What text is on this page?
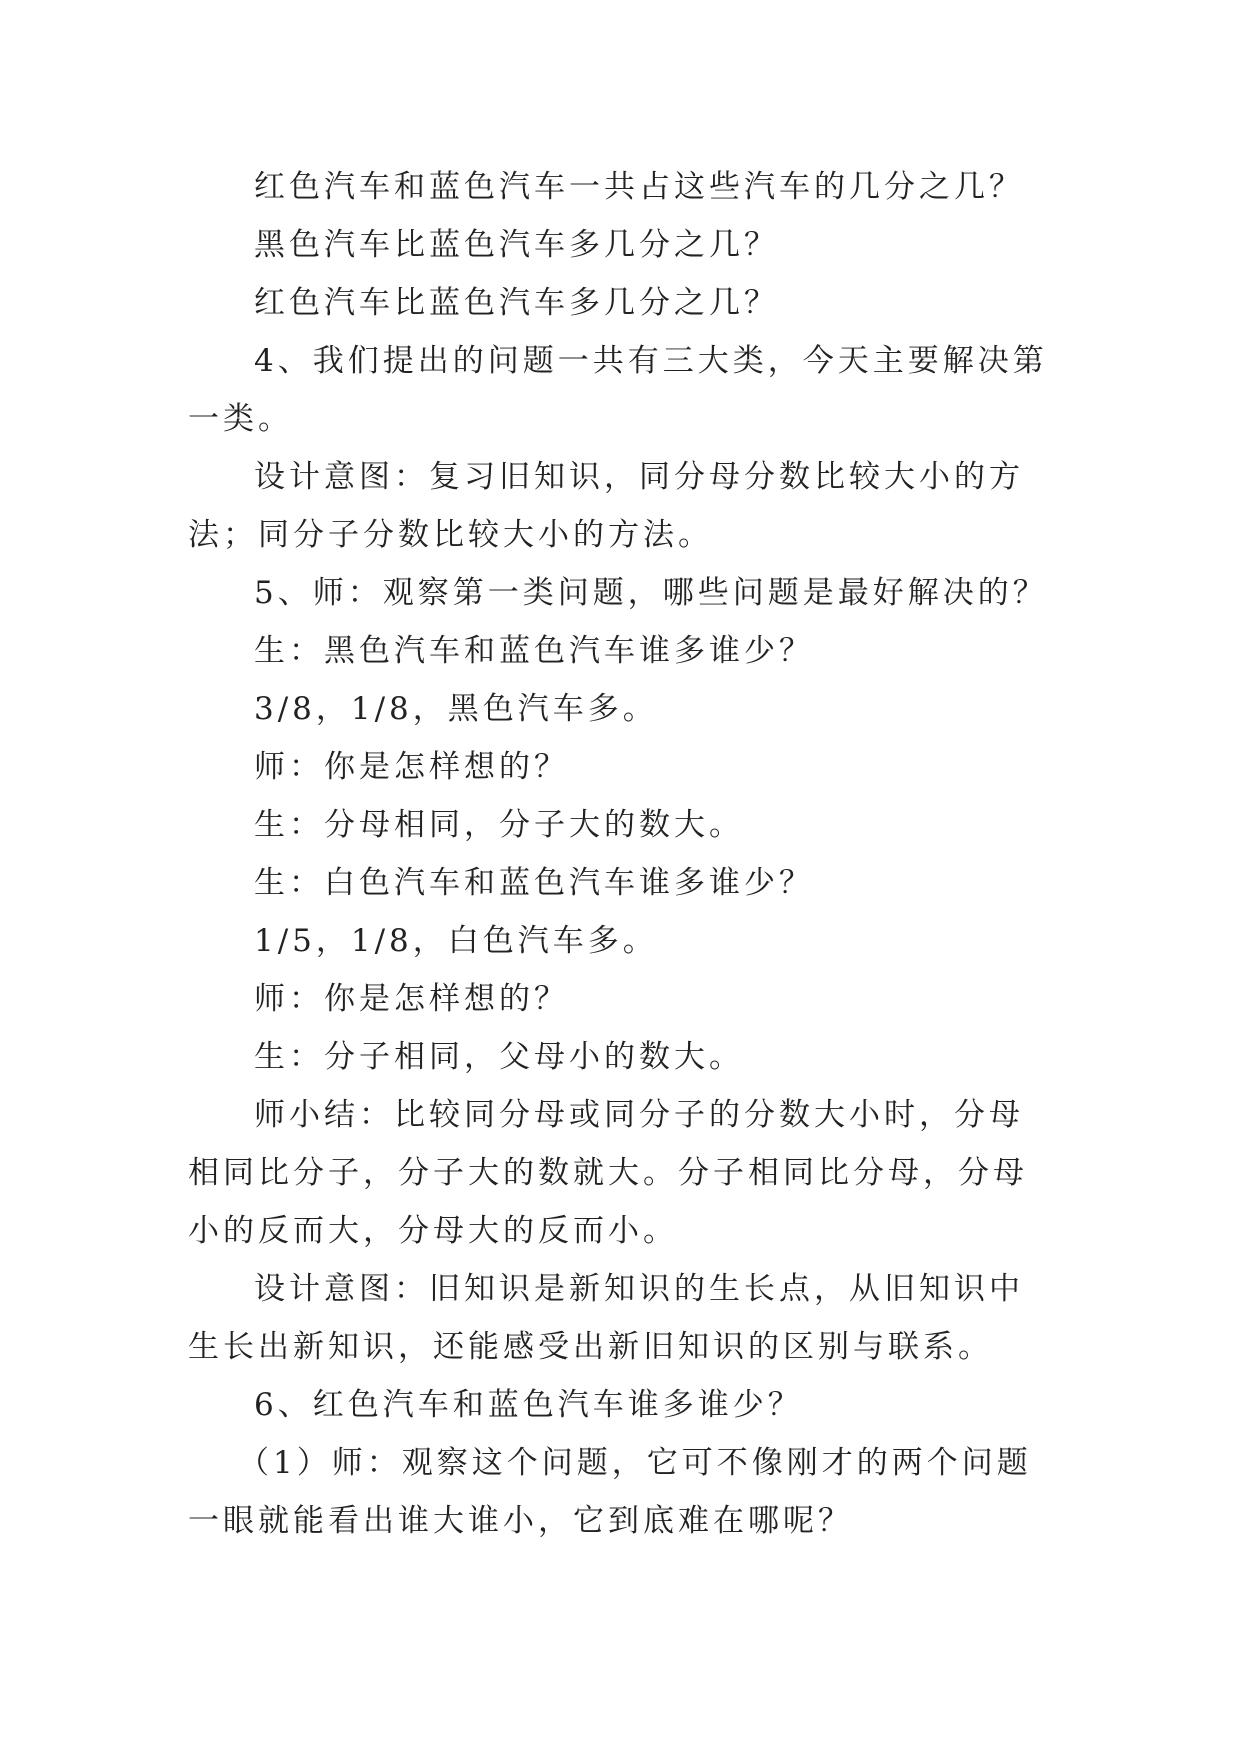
红色汽车和蓝色汽车一共占这些汽车的几分之几？

黑色汽车比蓝色汽车多几分之几？

红色汽车比蓝色汽车多几分之几？

4、我们提出的问题一共有三大类，今天主要解决第一类。

设计意图：复习旧知识，同分母分数比较大小的方法；同分子分数比较大小的方法。

5、师：观察第一类问题，哪些问题是最好解决的？

生：黑色汽车和蓝色汽车谁多谁少？

3/8，1/8，黑色汽车多。

师：你是怎样想的？

生：分母相同，分子大的数大。

生：白色汽车和蓝色汽车谁多谁少？

1/5，1/8，白色汽车多。

师：你是怎样想的？

生：分子相同，父母小的数大。

师小结：比较同分母或同分子的分数大小时，分母相同比分子，分子大的数就大。分子相同比分母，分母小的反而大，分母大的反而小。

设计意图：旧知识是新知识的生长点，从旧知识中生长出新知识，还能感受出新旧知识的区别与联系。

6、红色汽车和蓝色汽车谁多谁少？

（1）师：观察这个问题，它可不像刚才的两个问题一眼就能看出谁大谁小，它到底难在哪呢？
